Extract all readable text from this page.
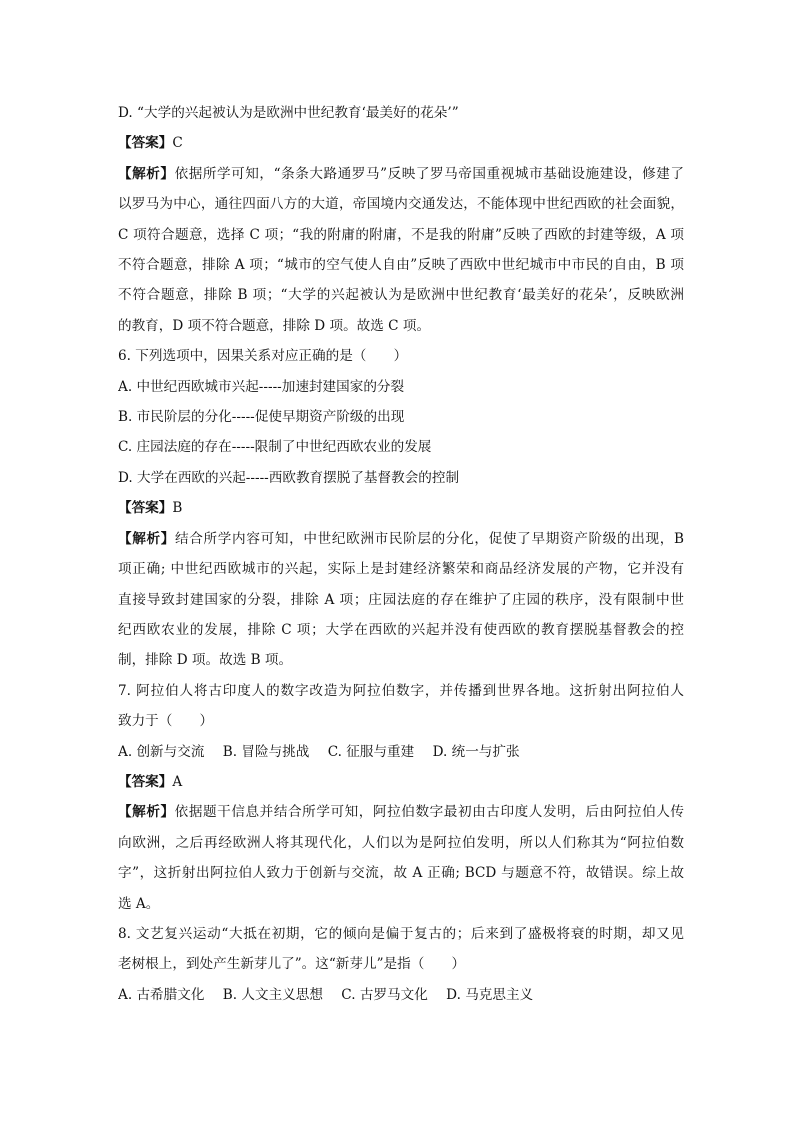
D. “大学的兴起被认为是欧洲中世纪教育‘最美好的花朵’”
【答案】C
【解析】依据所学可知，“条条大路通罗马”反映了罗马帝国重视城市基础设施建设，修建了
以罗马为中心，通往四面八方的大道，帝国境内交通发达，不能体现中世纪西欧的社会面貌，
C 项符合题意，选择 C 项；“我的附庸的附庸，不是我的附庸”反映了西欧的封建等级，A 项
不符合题意，排除 A 项；“城市的空气使人自由”反映了西欧中世纪城市中市民的自由，B 项
不符合题意，排除 B 项；“大学的兴起被认为是欧洲中世纪教育‘最美好的花朵’，反映欧洲
的教育，D 项不符合题意，排除 D 项。故选 C 项。
6. 下列选项中，因果关系对应正确的是（　　）
A. 中世纪西欧城市兴起-----加速封建国家的分裂
B. 市民阶层的分化-----促使早期资产阶级的出现
C. 庄园法庭的存在-----限制了中世纪西欧农业的发展
D. 大学在西欧的兴起-----西欧教育摆脱了基督教会的控制
【答案】B
【解析】结合所学内容可知，中世纪欧洲市民阶层的分化，促使了早期资产阶级的出现，B
项正确; 中世纪西欧城市的兴起，实际上是封建经济繁荣和商品经济发展的产物，它并没有
直接导致封建国家的分裂，排除 A 项；庄园法庭的存在维护了庄园的秩序，没有限制中世
纪西欧农业的发展，排除 C 项；大学在西欧的兴起并没有使西欧的教育摆脱基督教会的控
制，排除 D 项。故选 B 项。
7. 阿拉伯人将古印度人的数字改造为阿拉伯数字，并传播到世界各地。这折射出阿拉伯人
致力于（　　）
A. 创新与交流 B. 冒险与挑战 C. 征服与重建 D. 统一与扩张
【答案】A
【解析】依据题干信息并结合所学可知，阿拉伯数字最初由古印度人发明，后由阿拉伯人传
向欧洲，之后再经欧洲人将其现代化，人们以为是阿拉伯发明，所以人们称其为“阿拉伯数
字”，这折射出阿拉伯人致力于创新与交流，故 A 正确; BCD 与题意不符，故错误。综上故
选 A。
8. 文艺复兴运动“大抵在初期，它的倾向是偏于复古的；后来到了盛极将衰的时期，却又见
老树根上，到处产生新芽儿了”。这“新芽儿”是指（　　）
A. 古希腊文化 B. 人文主义思想 C. 古罗马文化 D. 马克思主义
